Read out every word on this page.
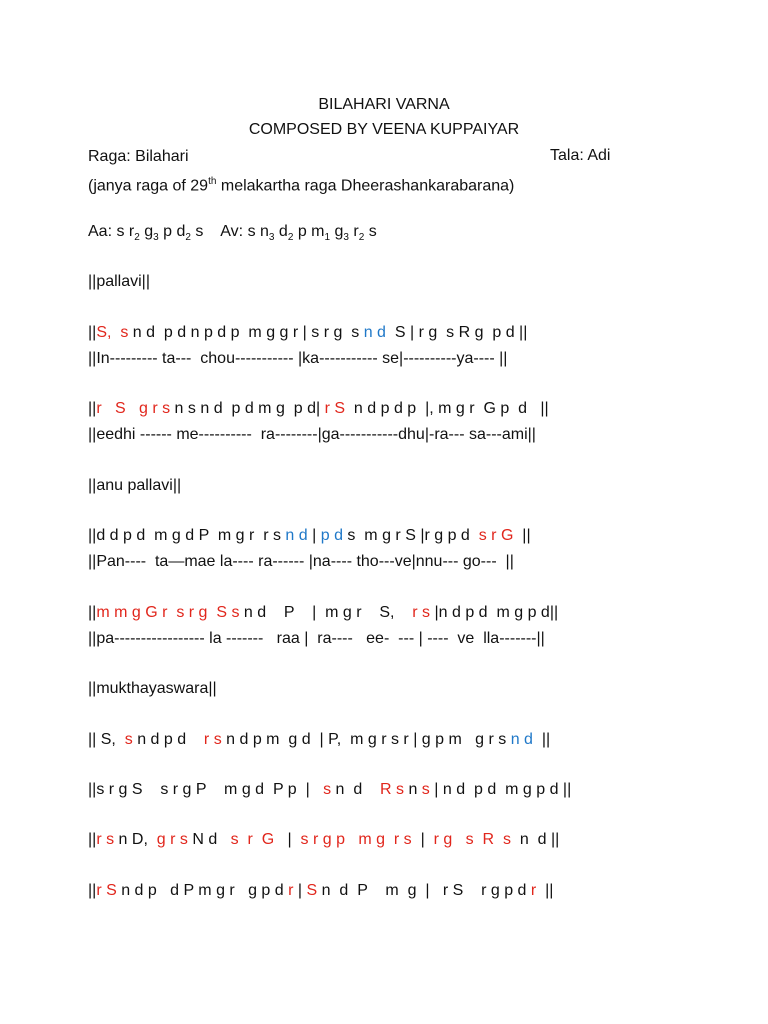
BILAHARI VARNA
COMPOSED BY VEENA KUPPAIYAR
Raga: Bilahari	Tala: Adi
(janya raga of 29th melakartha raga Dheerashankarabarana)
Aa: s $r_2$ $g_3$ p $d_2$ s    Av: s $n_3$ $d_2$ p $m_1$ $g_3$ $r_2$ s
||pallavi||
||S, s n d  p d n p d p  m g g r | s r g  s n d  S | r g  s R g  p d ||
||In--------- ta---  chou----------- |ka----------- se|----------ya---- ||
||r   S   g r s n s n d  p d m g  p d| r S  n d p d p  |, m g r  G p  d   ||
||eedhi ------ me----------  ra--------|ga-----------dhu|-ra--- sa---ami||
||anu pallavi||
||d d p d  m g d P  m g r  r s n d | p d s  m g r S |r g p d  s r G  ||
||Pan----  ta—mae la---- ra------ |na---- tho---ve|nnu--- go---  ||
||m m g G r  s r g  S s n d    P    |  m g r    S,    r s |n d p d  m g p d||
||pa----------------- la -------   raa |  ra----   ee-  --- | ----  ve  lla-------||
||mukthayaswara||
|| S,  s n d p d    r s n d p m  g d  | P,  m g r s r | g p m   g r s n d  ||
||s r g S    s r g P    m g d  P p  |   s n  d    R s n s | n d  p d  m g p d ||
||r s n D,  g r s N d   s  r  G   |  s r g p   m g  r s  |  r g   s  R  s  n  d ||
||r S n d p   d P m g r   g p d r | S n  d  P    m  g  |   r S    r g p d r  ||
